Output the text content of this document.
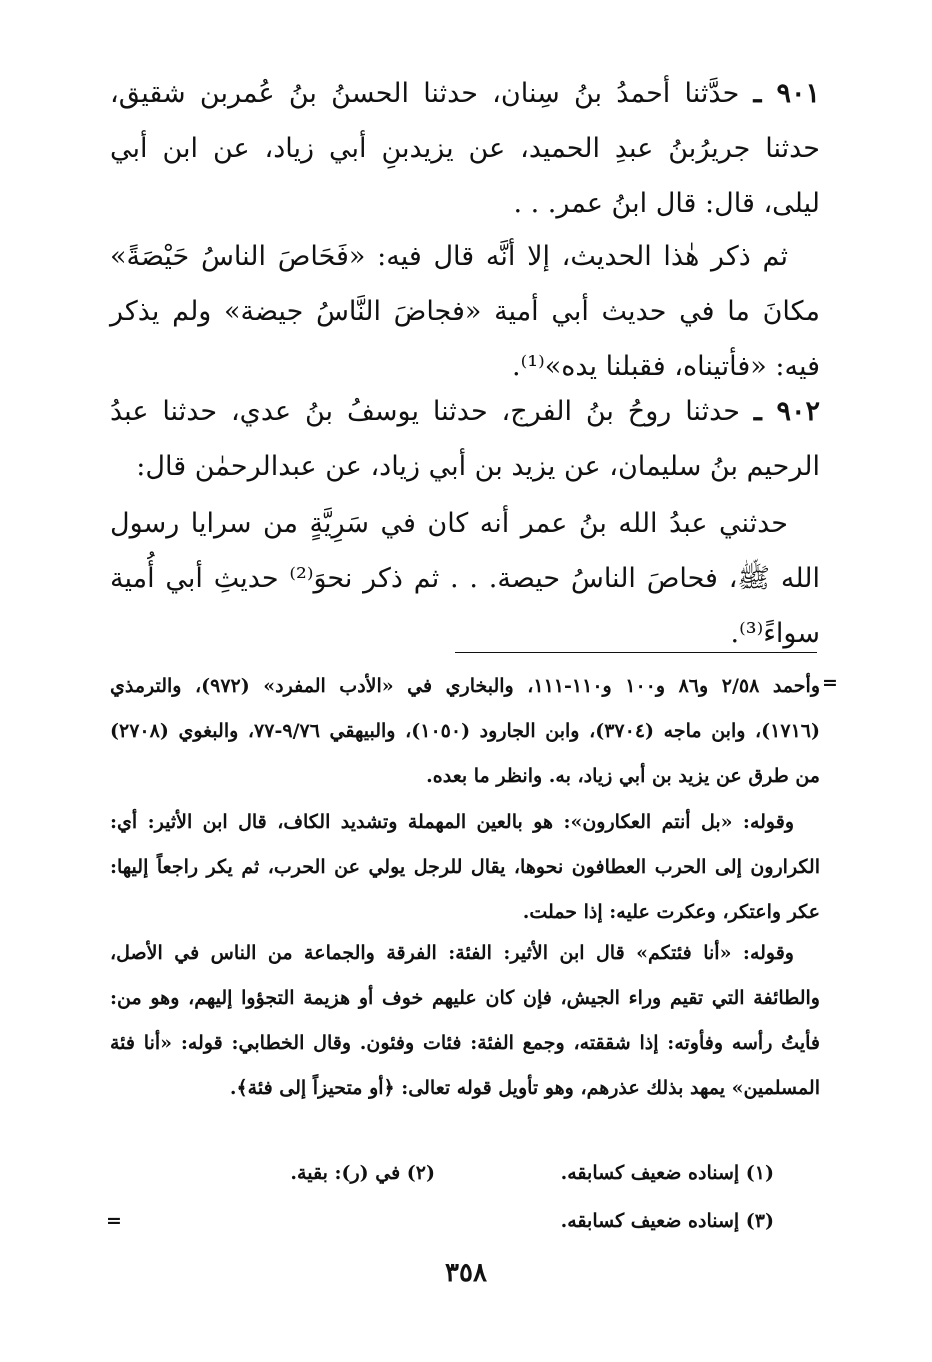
٩٠١ ـ حدَّثنا أحمدُ بنُ سِنان، حدثنا الحسنُ بنُ عُمربن شقيق، حدثنا جريرُبنُ عبدِ الحميد، عن يزيدبنِ أبي زياد، عن ابن أبي ليلى، قال: قال ابنُ عمر. . .

ثم ذكر هٰذا الحديث، إلا أنَّه قال فيه: «فَحَاصَ الناسُ حَيْصَةً» مكانَ ما في حديث أبي أمية «فجاضَ النَّاسُ جيضة» ولم يذكر فيه: «فأتيناه، فقبلنا يده»⁽¹⁾.

٩٠٢ ـ حدثنا روحُ بنُ الفرج، حدثنا يوسفُ بنُ عدي، حدثنا عبدُ الرحيم بنُ سليمان، عن يزيد بن أبي زياد، عن عبدالرحمٰن قال:

حدثني عبدُ الله بنُ عمر أنه كان في سَرِيَّةٍ من سرايا رسول الله ﷺ، فحاصَ الناسُ حيصة. . . ثم ذكر نحوَ⁽²⁾ حديثِ أبي أُمية سواءً⁽³⁾.

=

وأحمد ٢/٥٨ و٨٦ و١٠٠ و١١٠-١١١، والبخاري في «الأدب المفرد» (٩٧٢)، والترمذي (١٧١٦)، وابن ماجه (٣٧٠٤)، وابن الجارود (١٠٥٠)، والبيهقي ٩/٧٦-٧٧، والبغوي (٢٧٠٨) من طرق عن يزيد بن أبي زياد، به. وانظر ما بعده.

وقوله: «بل أنتم العكارون»: هو بالعين المهملة وتشديد الكاف، قال ابن الأثير: أي: الكرارون إلى الحرب العطافون نحوها، يقال للرجل يولي عن الحرب، ثم يكر راجعاً إليها: عكر واعتكر، وعكرت عليه: إذا حملت.

وقوله: «أنا فئتكم» قال ابن الأثير: الفئة: الفرقة والجماعة من الناس في الأصل، والطائفة التي تقيم وراء الجيش، فإن كان عليهم خوف أو هزيمة التجؤوا إليهم، وهو من: فأيتُ رأسه وفأوته: إذا شققته، وجمع الفئة: فئات وفئون. وقال الخطابي: قوله: «أنا فئة المسلمين» يمهد بذلك عذرهم، وهو تأويل قوله تعالى: ﴿أو متحيزاً إلى فئة﴾.

(١) إسناده ضعيف كسابقه.
(٢) في (ر): بقية.
(٣) إسناده ضعيف كسابقه.
=
٣٥٨
